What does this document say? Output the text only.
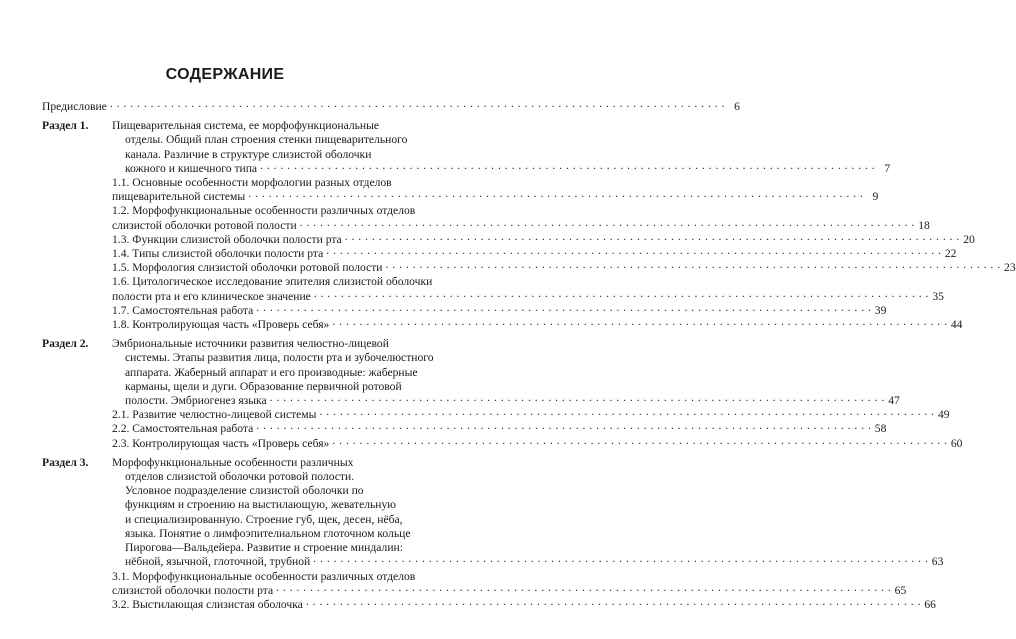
СОДЕРЖАНИЕ
Предисловие . . .	6
Раздел 1.	Пищеварительная система, ее морфофункциональные
отделы. Общий план строения стенки пищеварительного
канала. Различие в структуре слизистой оболочки
кожного и кишечного типа . . .	7
1.1. Основные особенности морфологии разных отделов
пищеварительной системы . . .	9
1.2. Морфофункциональные особенности различных отделов
слизистой оболочки ротовой полости . . .	18
1.3. Функции слизистой оболочки полости рта . . .	20
1.4. Типы слизистой оболочки полости рта . . .	22
1.5. Морфология слизистой оболочки ротовой полости . . .	23
1.6. Цитологическое исследование эпителия слизистой оболочки
полости рта и его клиническое значение . . .	35
1.7. Самостоятельная работа . . .	39
1.8. Контролирующая часть «Проверь себя» . . .	44
Раздел 2.	Эмбриональные источники развития челюстно-лицевой
системы. Этапы развития лица, полости рта и зубочелюстного
аппарата. Жаберный аппарат и его производные: жаберные
карманы, щели и дуги. Образование первичной ротовой
полости. Эмбриогенез языка . . .	47
2.1. Развитие челюстно-лицевой системы . . .	49
2.2. Самостоятельная работа . . .	58
2.3. Контролирующая часть «Проверь себя» . . .	60
Раздел 3.	Морфофункциональные особенности различных
отделов слизистой оболочки ротовой полости.
Условное подразделение слизистой оболочки по
функциям и строению на выстилающую, жевательную
и специализированную. Строение губ, щек, десен, нёба,
языка. Понятие о лимфоэпителиальном глоточном кольце
Пирогова—Вальдейера. Развитие и строение миндалин:
нёбной, язычной, глоточной, трубной . . .	63
3.1. Морфофункциональные особенности различных отделов
слизистой оболочки полости рта . . .	65
3.2. Выстилающая слизистая оболочка . . .	66
